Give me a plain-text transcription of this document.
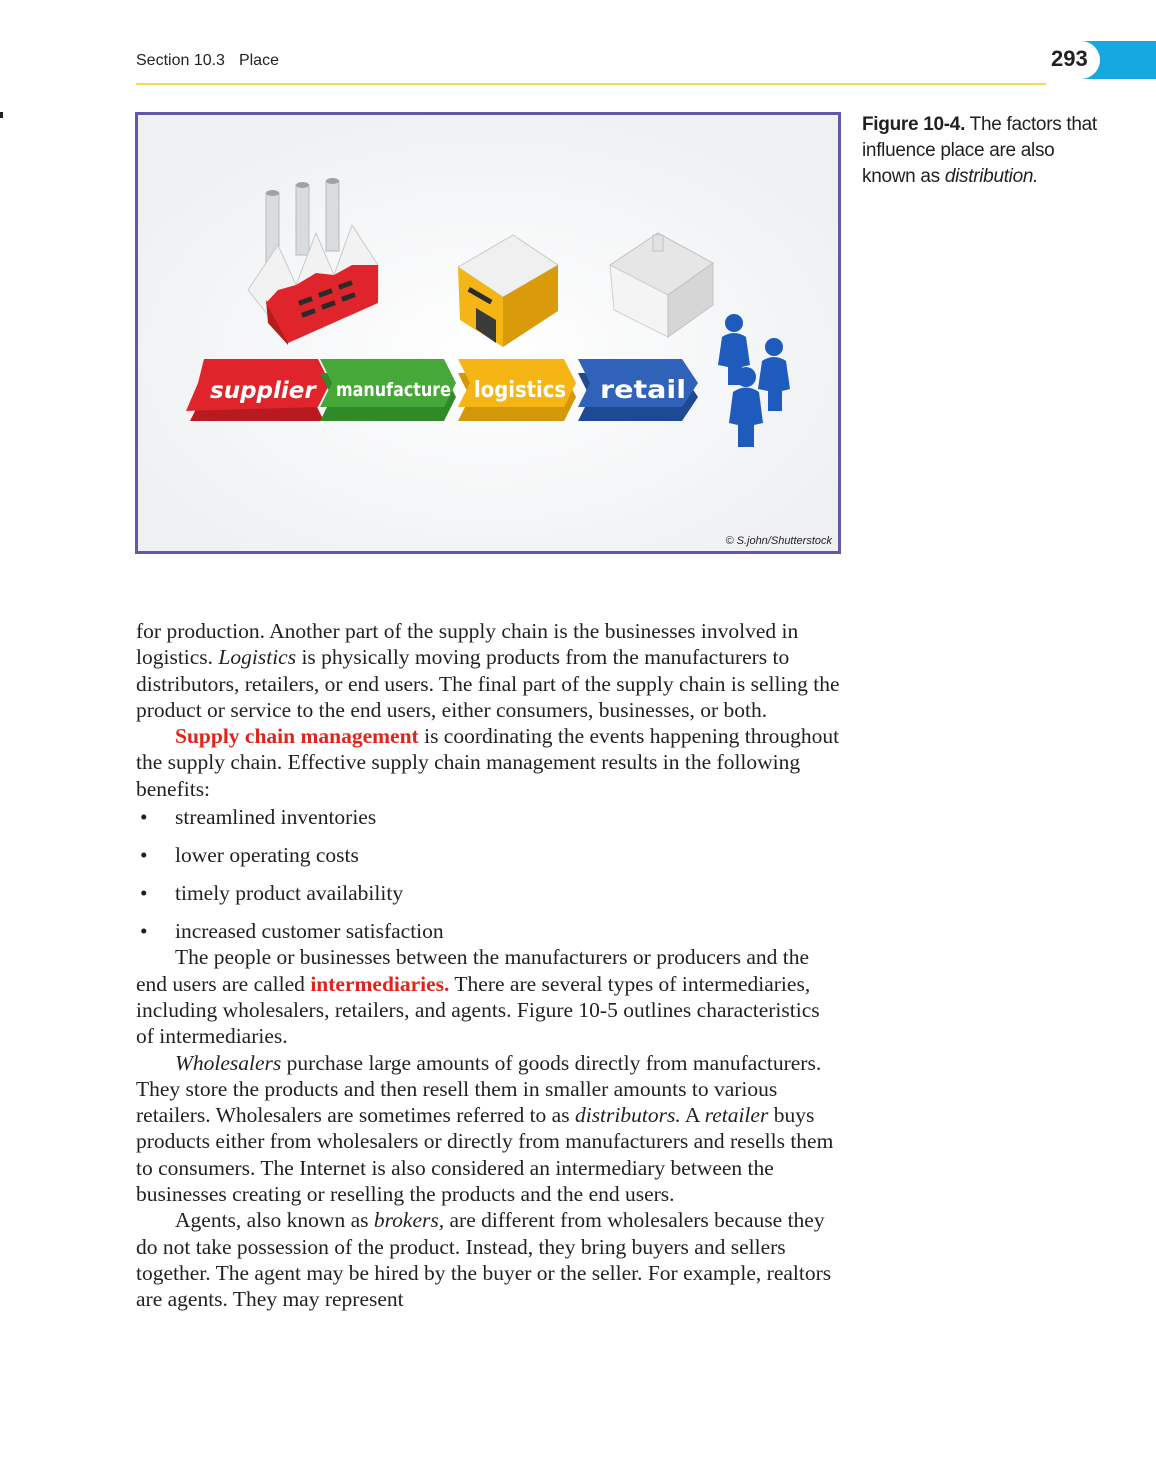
Section 10.3 Place	293
supplier manufacture logistics retail
© S.john/Shutterstock
Figure 10-4. The factors that influence place are also known as distribution.

for production. Another part of the supply chain is the businesses involved in logistics. Logistics is physically moving products from the manufacturers to distributors, retailers, or end users. The final part of the supply chain is selling the product or service to the end users, either consumers, businesses, or both.

Supply chain management is coordinating the events happening throughout the supply chain. Effective supply chain management results in the following benefits:

• streamlined inventories
• lower operating costs
• timely product availability
• increased customer satisfaction

The people or businesses between the manufacturers or producers and the end users are called intermediaries. There are several types of intermediaries, including wholesalers, retailers, and agents. Figure 10-5 outlines characteristics of intermediaries.

Wholesalers purchase large amounts of goods directly from manufacturers. They store the products and then resell them in smaller amounts to various retailers. Wholesalers are sometimes referred to as distributors. A retailer buys products either from wholesalers or directly from manufacturers and resells them to consumers. The Internet is also considered an intermediary between the businesses creating or reselling the products and the end users.

Agents, also known as brokers, are different from wholesalers because they do not take possession of the product. Instead, they bring buyers and sellers together. The agent may be hired by the buyer or the seller. For example, realtors are agents. They may represent
